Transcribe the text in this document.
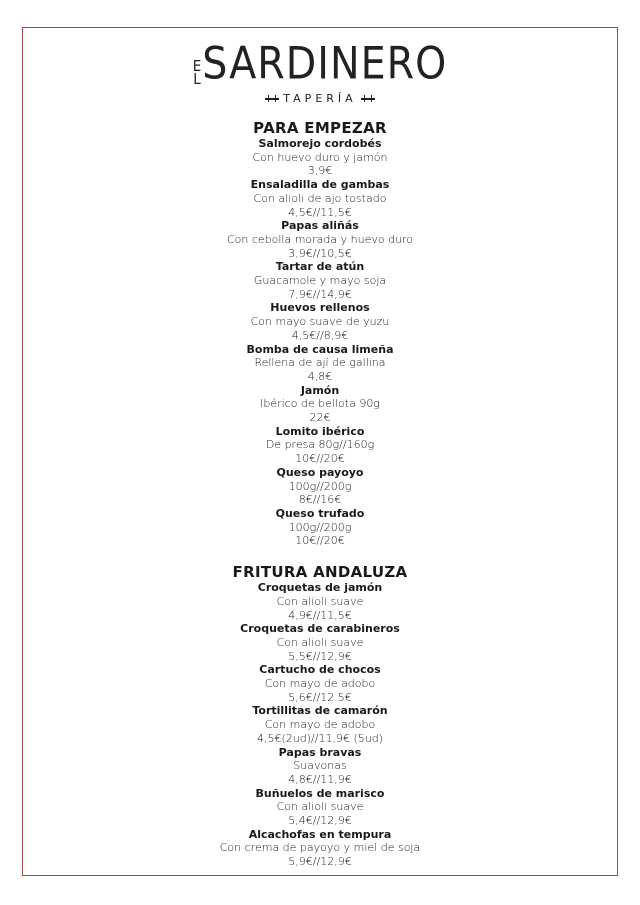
E
L SARDINERO
TAPERÍA
PARA EMPEZAR
Salmorejo cordobés
Con huevo duro y jamón
3,9€
Ensaladilla de gambas
Con alioli de ajo tostado
4,5€//11,5€
Papas aliñás
Con cebolla morada y huevo duro
3,9€//10,5€
Tartar de atún
Guacamole y mayo soja
7,9€//14,9€
Huevos rellenos
Con mayo suave de yuzu
4,5€//8,9€
Bomba de causa limeña
Rellena de ají de gallina
4,8€
Jamón
Ibérico de bellota 90g
22€
Lomito ibérico
De presa 80g//160g
10€//20€
Queso payoyo
100g//200g
8€//16€
Queso trufado
100g//200g
10€//20€
FRITURA ANDALUZA
Croquetas de jamón
Con alioli suave
4,9€//11,5€
Croquetas de carabineros
Con alioli suave
5,5€//12,9€
Cartucho de chocos
Con mayo de adobo
5,6€//12.5€
Tortillitas de camarón
Con mayo de adobo
4,5€(2ud)//11,9€ (5ud)
Papas bravas
Suavonas
4,8€//11,9€
Buñuelos de marisco
Con alioli suave
5,4€//12,9€
Alcachofas en tempura
Con crema de payoyo y miel de soja
5,9€//12,9€
